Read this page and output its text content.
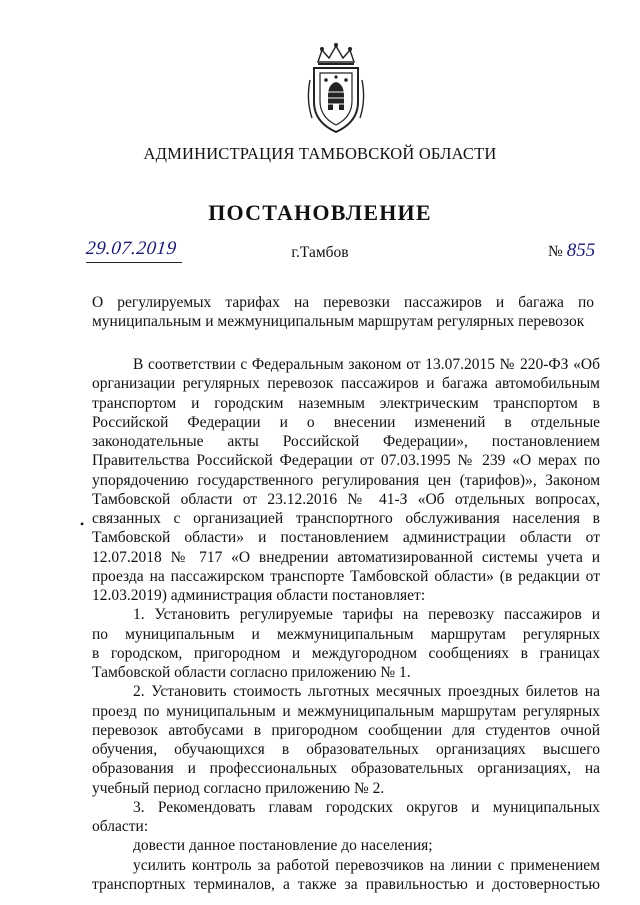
АДМИНИСТРАЦИЯ ТАМБОВСКОЙ ОБЛАСТИ
ПОСТАНОВЛЕНИЕ
29.07.2019	г.Тамбов	№ 855
О регулируемых тарифах на перевозки пассажиров и багажа по
муниципальным и межмуниципальным маршрутам регулярных перевозок
•
В соответствии с Федеральным законом от 13.07.2015 № 220-ФЗ «Об
организации регулярных перевозок пассажиров и багажа автомобильным
транспортом и городским наземным электрическим транспортом в
Российской Федерации и о внесении изменений в отдельные
законодательные акты Российской Федерации», постановлением
Правительства Российской Федерации от 07.03.1995 № 239 «О мерах по
упорядочению государственного регулирования цен (тарифов)», Законом
Тамбовской области от 23.12.2016 № 41-З «Об отдельных вопросах,
связанных с организацией транспортного обслуживания населения в
Тамбовской области» и постановлением администрации области от
12.07.2018 № 717 «О внедрении автоматизированной системы учета и
проезда на пассажирском транспорте Тамбовской области» (в редакции от
12.03.2019) администрация области постановляет:
1. Установить регулируемые тарифы на перевозку пассажиров и
по муниципальным и межмуниципальным маршрутам регулярных
в городском, пригородном и междугородном сообщениях в границах
Тамбовской области согласно приложению № 1.
2. Установить стоимость льготных месячных проездных билетов на
проезд по муниципальным и межмуниципальным маршрутам регулярных
перевозок автобусами в пригородном сообщении для студентов очной
обучения, обучающихся в образовательных организациях высшего
образования и профессиональных образовательных организациях, на
учебный период согласно приложению № 2.
3. Рекомендовать главам городских округов и муниципальных
области:
довести данное постановление до населения;
усилить контроль за работой перевозчиков на линии с применением
транспортных терминалов, а также за правильностью и достоверностью
